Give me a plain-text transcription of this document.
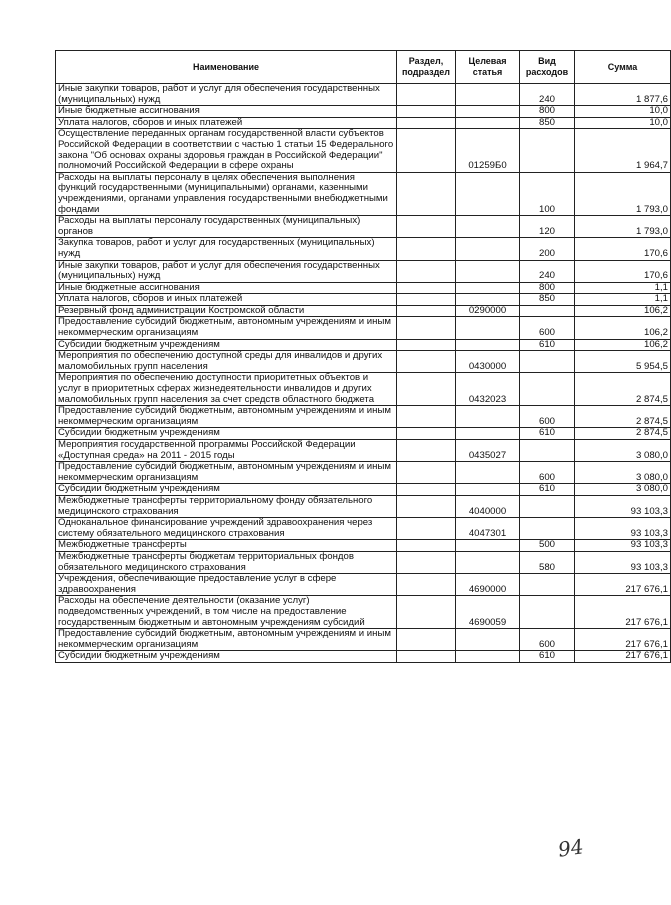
Наименование	Раздел, подраздел	Целевая статья	Вид расходов	Сумма
Иные закупки товаров, работ и услуг для обеспечения государственных (муниципальных) нужд			240	1 877,6
Иные бюджетные ассигнования			800	10,0
Уплата налогов, сборов и иных платежей			850	10,0
Осуществление переданных органам государственной власти субъектов Российской Федерации в соответствии с частью 1 статьи 15 Федерального закона "Об основах охраны здоровья граждан в Российской Федерации" полномочий Российской Федерации в сфере охраны		01259Б0		1 964,7
Расходы на выплаты персоналу в целях обеспечения выполнения функций государственными (муниципальными) органами, казенными учреждениями, органами управления государственными внебюджетными фондами			100	1 793,0
Расходы на выплаты персоналу государственных (муниципальных) органов			120	1 793,0
Закупка товаров, работ и услуг для государственных (муниципальных) нужд			200	170,6
Иные закупки товаров, работ и услуг для обеспечения государственных (муниципальных) нужд			240	170,6
Иные бюджетные ассигнования			800	1,1
Уплата налогов, сборов и иных платежей			850	1,1
Резервный фонд администрации Костромской области		0290000		106,2
Предоставление субсидий бюджетным, автономным учреждениям и иным некоммерческим организациям			600	106,2
Субсидии бюджетным учреждениям			610	106,2
Мероприятия по обеспечению доступной среды для инвалидов и других маломобильных групп населения		0430000		5 954,5
Мероприятия по обеспечению доступности приоритетных объектов и услуг в приоритетных сферах жизнедеятельности инвалидов и других маломобильных групп населения за счет средств областного бюджета		0432023		2 874,5
Предоставление субсидий бюджетным, автономным учреждениям и иным некоммерческим организациям			600	2 874,5
Субсидии бюджетным учреждениям			610	2 874,5
Мероприятия государственной программы Российской Федерации «Доступная среда» на 2011 - 2015 годы		0435027		3 080,0
Предоставление субсидий бюджетным, автономным учреждениям и иным некоммерческим организациям			600	3 080,0
Субсидии бюджетным учреждениям			610	3 080,0
Межбюджетные трансферты территориальному фонду обязательного медицинского страхования		4040000		93 103,3
Одноканальное финансирование учреждений здравоохранения через систему обязательного медицинского страхования		4047301		93 103,3
Межбюджетные трансферты			500	93 103,3
Межбюджетные трансферты бюджетам территориальных фондов обязательного медицинского страхования			580	93 103,3
Учреждения, обеспечивающие предоставление услуг в сфере здравоохранения		4690000		217 676,1
Расходы на обеспечение деятельности (оказание услуг) подведомственных учреждений, в том числе на предоставление государственным бюджетным и автономным учреждениям субсидий		4690059		217 676,1
Предоставление субсидий бюджетным, автономным учреждениям и иным некоммерческим организациям			600	217 676,1
Субсидии бюджетным учреждениям			610	217 676,1
94
